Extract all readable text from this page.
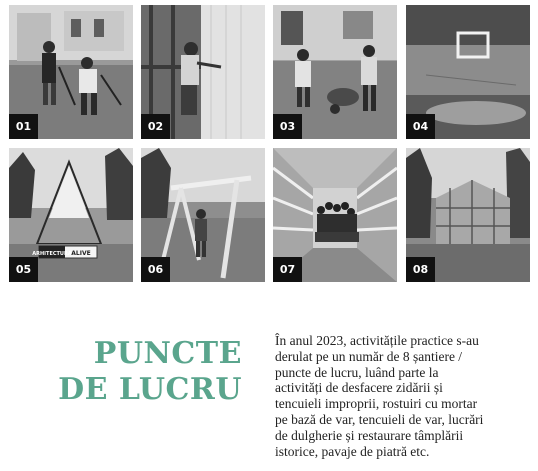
01	02	03	04
ARHITECTURA ALIVE
05	06	07	08
PUNCTE
DE LUCRU
În anul 2023, activitățile practice s-au
derulat pe un număr de 8 șantiere /
puncte de lucru, luând parte la
activități de desfacere zidării și
tencuieli improprii, rostuiri cu mortar
pe bază de var, tencuieli de var, lucrări
de dulgherie și restaurare tâmplării
istorice, pavaje de piatră etc.
